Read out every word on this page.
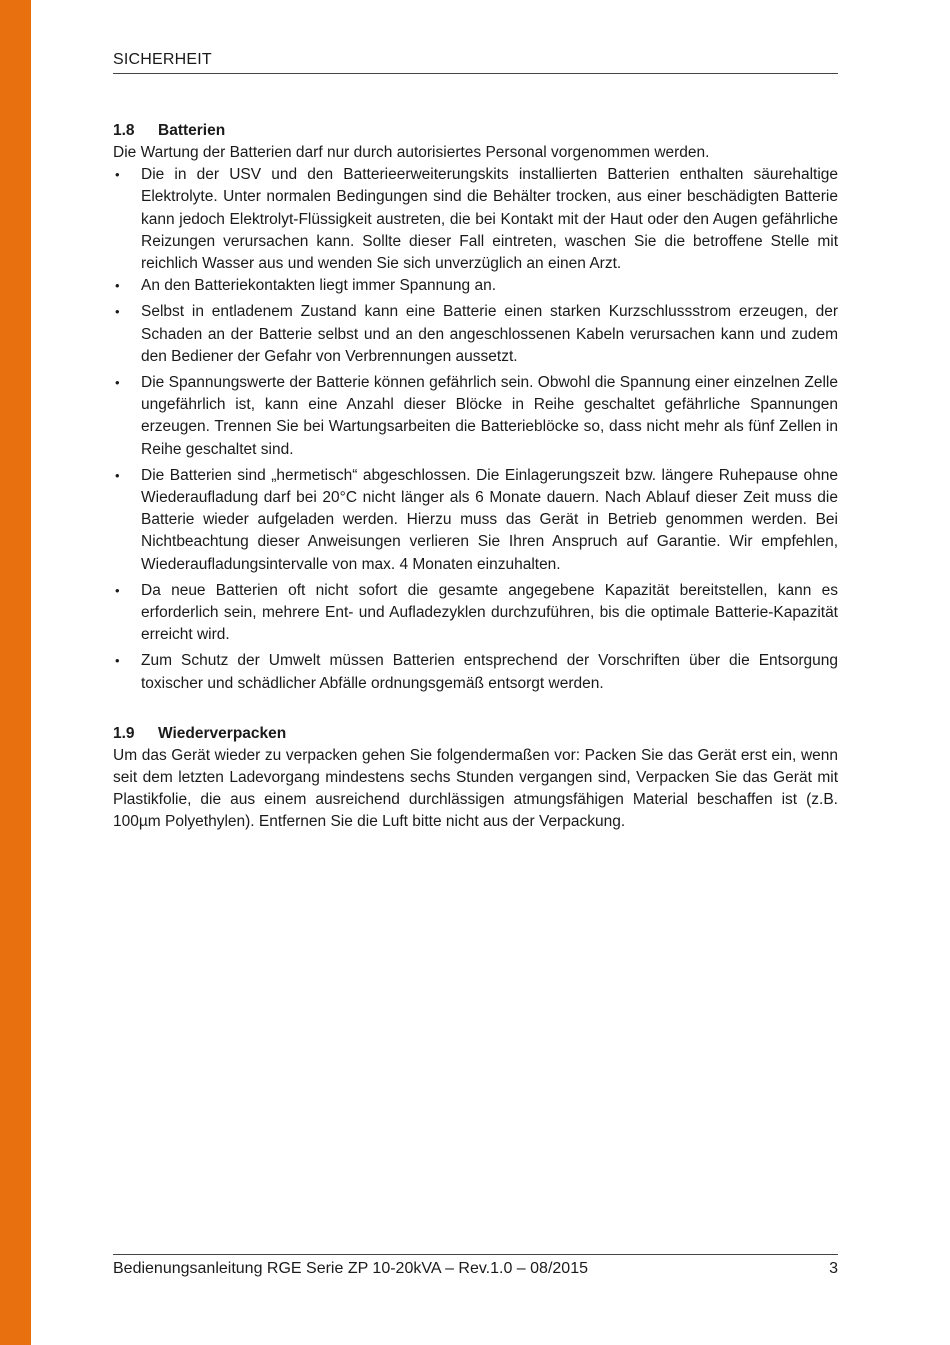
SICHERHEIT
1.8 Batterien

Die Wartung der Batterien darf nur durch autorisiertes Personal vorgenommen werden.

• Die in der USV und den Batterieerweiterungskits installierten Batterien enthalten säurehaltige Elektrolyte. Unter normalen Bedingungen sind die Behälter trocken, aus einer beschädigten Batterie kann jedoch Elektrolyt-Flüssigkeit austreten, die bei Kontakt mit der Haut oder den Augen gefährliche Reizungen verursachen kann. Sollte dieser Fall eintreten, waschen Sie die betroffene Stelle mit reichlich Wasser aus und wenden Sie sich unverzüglich an einen Arzt.
• An den Batteriekontakten liegt immer Spannung an.
• Selbst in entladenem Zustand kann eine Batterie einen starken Kurzschlussstrom erzeugen, der Schaden an der Batterie selbst und an den angeschlossenen Kabeln verursachen kann und zudem den Bediener der Gefahr von Verbrennungen aussetzt.
• Die Spannungswerte der Batterie können gefährlich sein. Obwohl die Spannung einer einzelnen Zelle ungefährlich ist, kann eine Anzahl dieser Blöcke in Reihe geschaltet gefährliche Spannungen erzeugen. Trennen Sie bei Wartungsarbeiten die Batterieblöcke so, dass nicht mehr als fünf Zellen in Reihe geschaltet sind.
• Die Batterien sind „hermetisch“ abgeschlossen. Die Einlagerungszeit bzw. längere Ruhepause ohne Wiederaufladung darf bei 20°C nicht länger als 6 Monate dauern. Nach Ablauf dieser Zeit muss die Batterie wieder aufgeladen werden. Hierzu muss das Gerät in Betrieb genommen werden. Bei Nichtbeachtung dieser Anweisungen verlieren Sie Ihren Anspruch auf Garantie. Wir empfehlen, Wiederaufladungsintervalle von max. 4 Monaten einzuhalten.
• Da neue Batterien oft nicht sofort die gesamte angegebene Kapazität bereitstellen, kann es erforderlich sein, mehrere Ent- und Aufladezyklen durchzuführen, bis die optimale Batterie-Kapazität erreicht wird.
• Zum Schutz der Umwelt müssen Batterien entsprechend der Vorschriften über die Entsorgung toxischer und schädlicher Abfälle ordnungsgemäß entsorgt werden.
1.9 Wiederverpacken

Um das Gerät wieder zu verpacken gehen Sie folgendermaßen vor: Packen Sie das Gerät erst ein, wenn seit dem letzten Ladevorgang mindestens sechs Stunden vergangen sind, Verpacken Sie das Gerät mit Plastikfolie, die aus einem ausreichend durchlässigen atmungsfähigen Material beschaffen ist (z.B. 100µm Polyethylen). Entfernen Sie die Luft bitte nicht aus der Verpackung.

Bedienungsanleitung RGE Serie ZP 10-20kVA – Rev.1.0 – 08/2015	3
